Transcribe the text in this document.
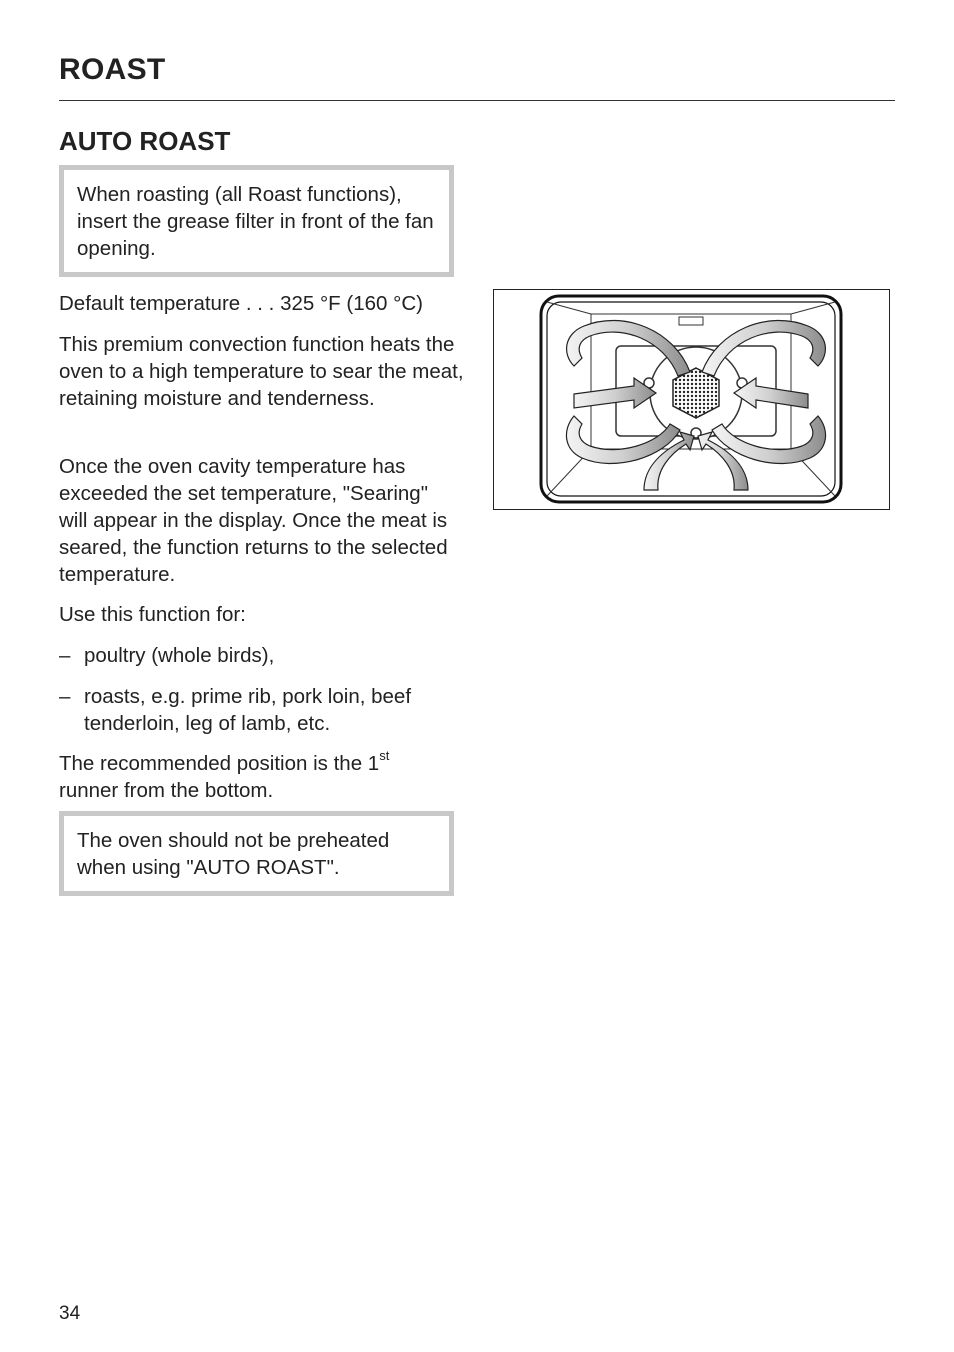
ROAST
AUTO ROAST

When roasting (all Roast functions), insert the grease filter in front of the fan opening.

Default temperature . . . 325 °F (160 °C)

This premium convection function heats the oven to a high temperature to sear the meat, retaining moisture and tenderness.

Once the oven cavity temperature has exceeded the set temperature, "Searing" will appear in the display. Once the meat is seared, the function returns to the selected temperature.

Use this function for:

– poultry (whole birds),
– roasts, e.g. prime rib, pork loin, beef tenderloin, leg of lamb, etc.

The recommended position is the 1st runner from the bottom.

The oven should not be preheated when using "AUTO ROAST".

34
